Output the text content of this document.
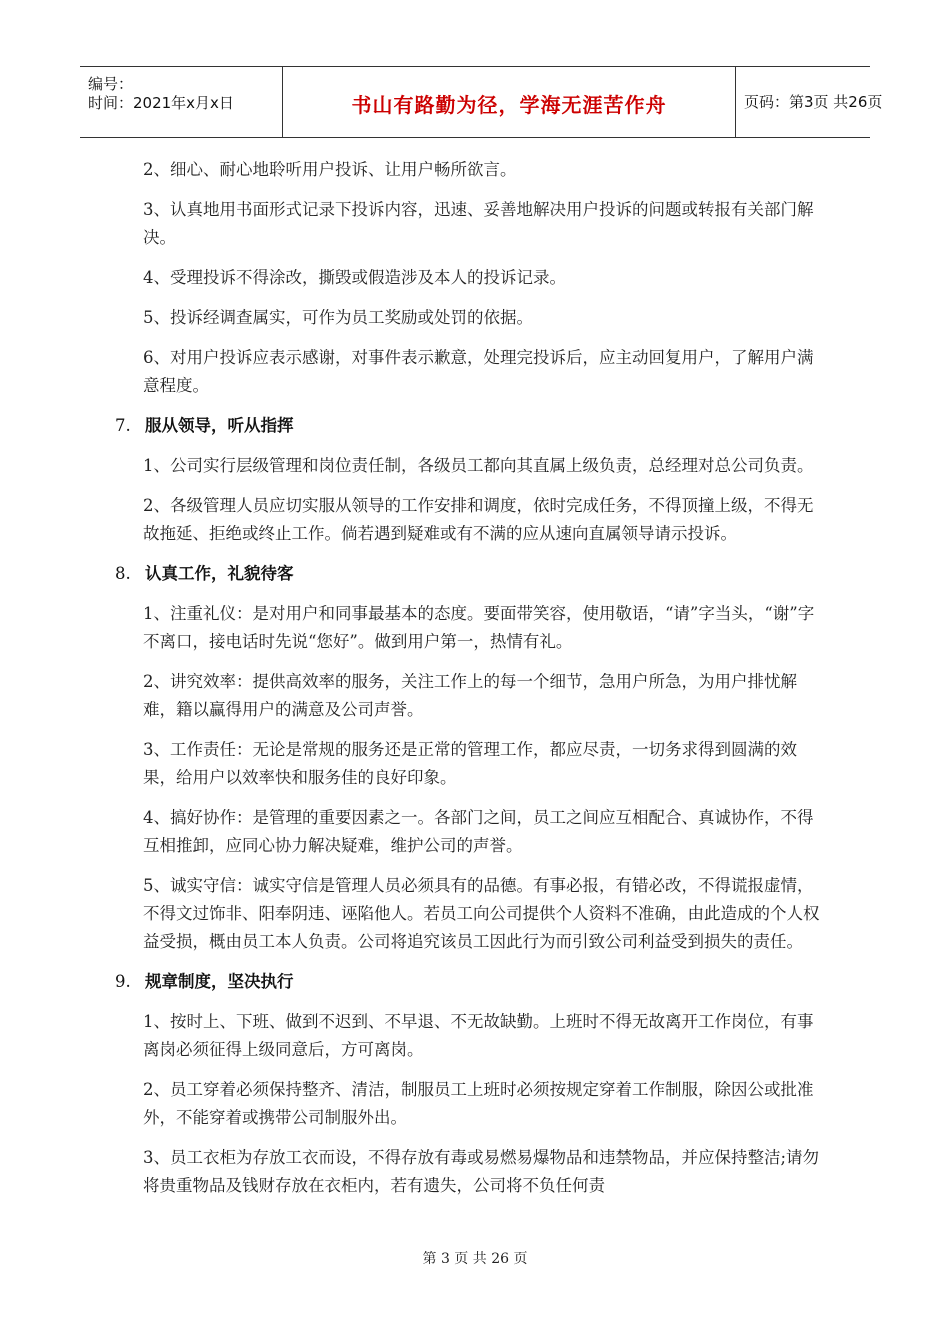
编号：
时间：2021年x月x日	书山有路勤为径，学海无涯苦作舟	页码：第3页 共26页

2、细心、耐心地聆听用户投诉、让用户畅所欲言。

3、认真地用书面形式记录下投诉内容，迅速、妥善地解决用户投诉的问题或转报有关部门解决。

4、受理投诉不得涂改，撕毁或假造涉及本人的投诉记录。

5、投诉经调查属实，可作为员工奖励或处罚的依据。

6、对用户投诉应表示感谢，对事件表示歉意，处理完投诉后，应主动回复用户，了解用户满意程度。

7. 服从领导，听从指挥

1、公司实行层级管理和岗位责任制，各级员工都向其直属上级负责，总经理对总公司负责。

2、各级管理人员应切实服从领导的工作安排和调度，依时完成任务，不得顶撞上级，不得无故拖延、拒绝或终止工作。倘若遇到疑难或有不满的应从速向直属领导请示投诉。

8. 认真工作，礼貌待客

1、注重礼仪：是对用户和同事最基本的态度。要面带笑容，使用敬语，“请”字当头，“谢”字不离口，接电话时先说“您好”。做到用户第一，热情有礼。

2、讲究效率：提供高效率的服务，关注工作上的每一个细节，急用户所急，为用户排忧解难，籍以赢得用户的满意及公司声誉。

3、工作责任：无论是常规的服务还是正常的管理工作，都应尽责，一切务求得到圆满的效果，给用户以效率快和服务佳的良好印象。

4、搞好协作：是管理的重要因素之一。各部门之间，员工之间应互相配合、真诚协作，不得互相推卸，应同心协力解决疑难，维护公司的声誉。

5、诚实守信：诚实守信是管理人员必须具有的品德。有事必报，有错必改，不得谎报虚情，不得文过饰非、阳奉阴违、诬陷他人。若员工向公司提供个人资料不准确，由此造成的个人权益受损，概由员工本人负责。公司将追究该员工因此行为而引致公司利益受到损失的责任。

9. 规章制度，坚决执行

1、按时上、下班、做到不迟到、不早退、不无故缺勤。上班时不得无故离开工作岗位，有事离岗必须征得上级同意后，方可离岗。

2、员工穿着必须保持整齐、清洁，制服员工上班时必须按规定穿着工作制服，除因公或批准外，不能穿着或携带公司制服外出。

3、员工衣柜为存放工衣而设，不得存放有毒或易燃易爆物品和违禁物品，并应保持整洁;请勿将贵重物品及钱财存放在衣柜内，若有遗失，公司将不负任何责

第 3 页 共 26 页
